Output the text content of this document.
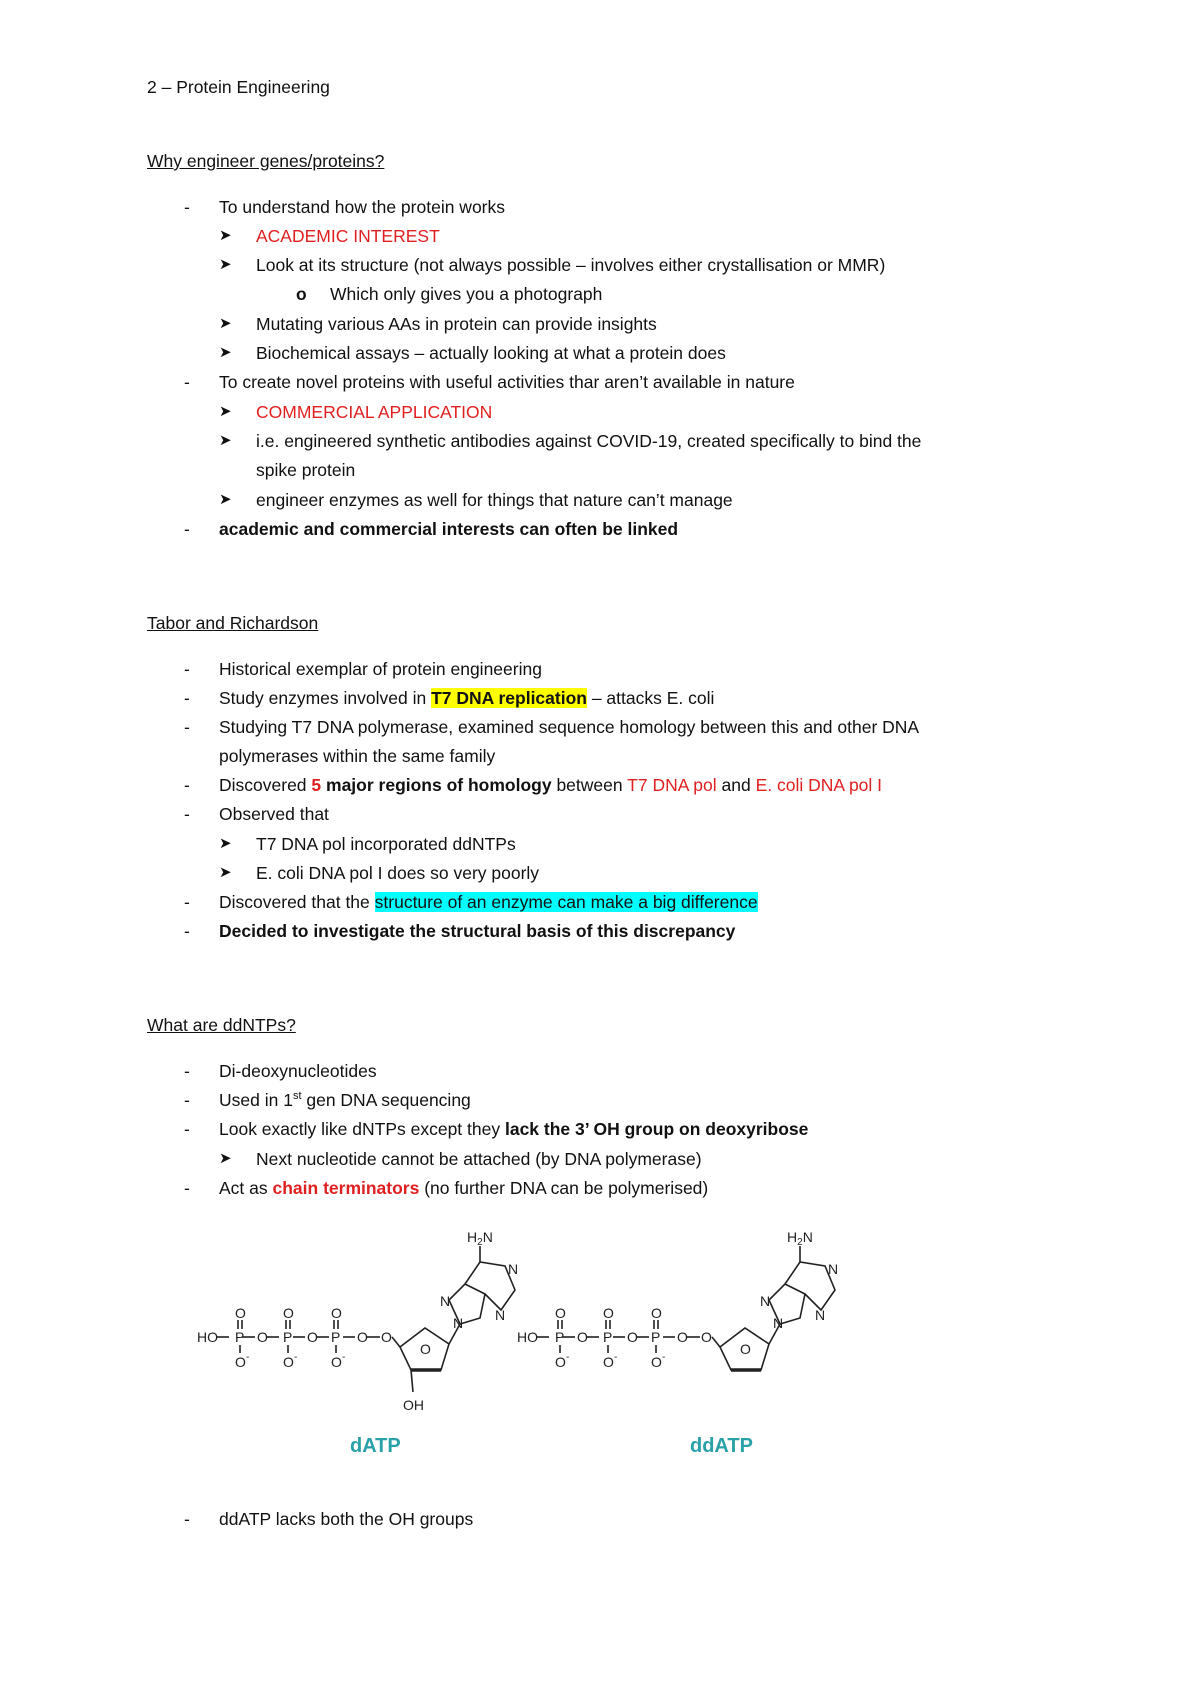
2 – Protein Engineering
Why engineer genes/proteins?
- To understand how the protein works
➤ ACADEMIC INTEREST
➤ Look at its structure (not always possible – involves either crystallisation or MMR)
o Which only gives you a photograph
➤ Mutating various AAs in protein can provide insights
➤ Biochemical assays – actually looking at what a protein does
- To create novel proteins with useful activities thar aren’t available in nature
➤ COMMERCIAL APPLICATION
➤ i.e. engineered synthetic antibodies against COVID-19, created specifically to bind the
spike protein
➤ engineer enzymes as well for things that nature can’t manage
- academic and commercial interests can often be linked
Tabor and Richardson
- Historical exemplar of protein engineering
- Study enzymes involved in T7 DNA replication – attacks E. coli
- Studying T7 DNA polymerase, examined sequence homology between this and other DNA
polymerases within the same family
- Discovered 5 major regions of homology between T7 DNA pol and E. coli DNA pol I
- Observed that
➤ T7 DNA pol incorporated ddNTPs
➤ E. coli DNA pol I does so very poorly
- Discovered that the structure of an enzyme can make a big difference
- Decided to investigate the structural basis of this discrepancy
What are ddNTPs?
- Di-deoxynucleotides
- Used in 1st gen DNA sequencing
- Look exactly like dNTPs except they lack the 3’ OH group on deoxyribose
➤ Next nucleotide cannot be attached (by DNA polymerase)
- Act as chain terminators (no further DNA can be polymerised)
HO P	P	P
O	O	O
O	O	O
O	O	O
-	-	-
O
O
OH
N
N
N
N
$H_2N$
HO P	P	P
O	O	O
O	O	O
O	O	O
-	-	-
O
O
N
N
N
N
$H_2N$
dATP	ddATP
- ddATP lacks both the OH groups
